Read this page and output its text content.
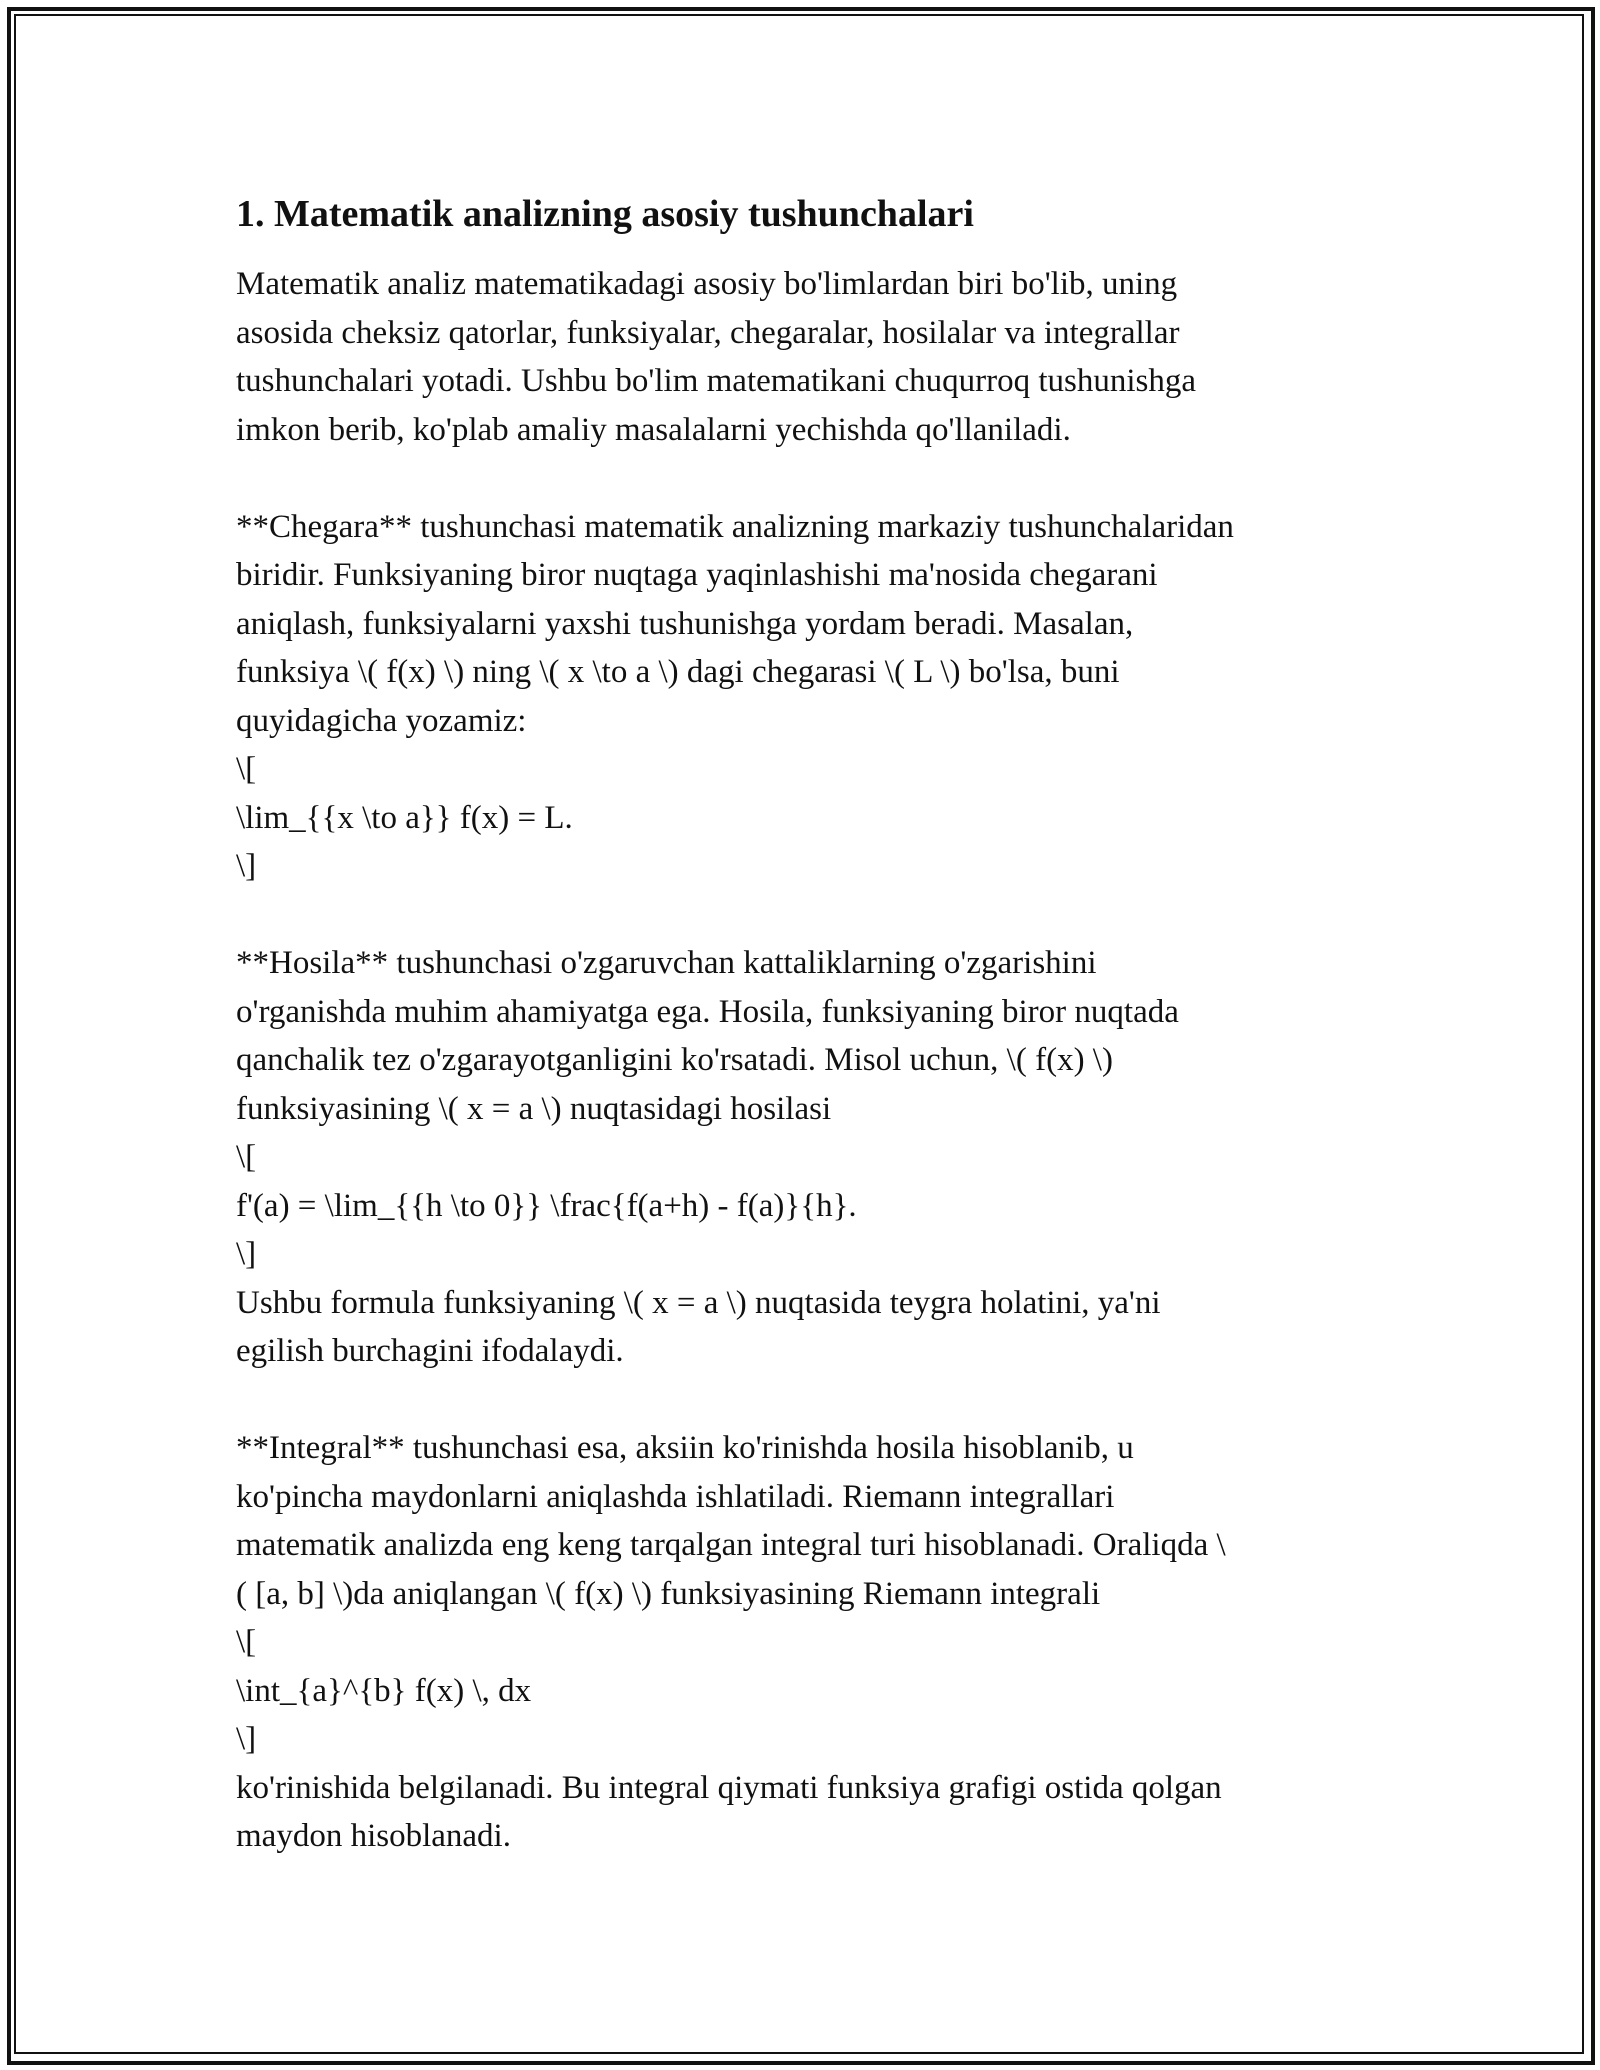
1. Matematik analizning asosiy tushunchalari
Matematik analiz matematikadagi asosiy bo'limlardan biri bo'lib, uning
asosida cheksiz qatorlar, funksiyalar, chegaralar, hosilalar va integrallar
tushunchalari yotadi. Ushbu bo'lim matematikani chuqurroq tushunishga
imkon berib, ko'plab amaliy masalalarni yechishda qo'llaniladi.
**Chegara** tushunchasi matematik analizning markaziy tushunchalaridan
biridir. Funksiyaning biror nuqtaga yaqinlashishi ma'nosida chegarani
aniqlash, funksiyalarni yaxshi tushunishga yordam beradi. Masalan,
funksiya \( f(x) \) ning \( x \to a \) dagi chegarasi \( L \) bo'lsa, buni
quyidagicha yozamiz:
\[
\lim_{{x \to a}} f(x) = L.
\]
**Hosila** tushunchasi o'zgaruvchan kattaliklarning o'zgarishini
o'rganishda muhim ahamiyatga ega. Hosila, funksiyaning biror nuqtada
qanchalik tez o'zgarayotganligini ko'rsatadi. Misol uchun, \( f(x) \)
funksiyasining \( x = a \) nuqtasidagi hosilasi
\[
f'(a) = \lim_{{h \to 0}} \frac{f(a+h) - f(a)}{h}.
\]
Ushbu formula funksiyaning \( x = a \) nuqtasida teygra holatini, ya'ni
egilish burchagini ifodalaydi.
**Integral** tushunchasi esa, aksiin ko'rinishda hosila hisoblanib, u
ko'pincha maydonlarni aniqlashda ishlatiladi. Riemann integrallari
matematik analizda eng keng tarqalgan integral turi hisoblanadi. Oraliqda \
( [a, b] \)da aniqlangan \( f(x) \) funksiyasining Riemann integrali
\[
\int_{a}^{b} f(x) \, dx
\]
ko'rinishida belgilanadi. Bu integral qiymati funksiya grafigi ostida qolgan
maydon hisoblanadi.
